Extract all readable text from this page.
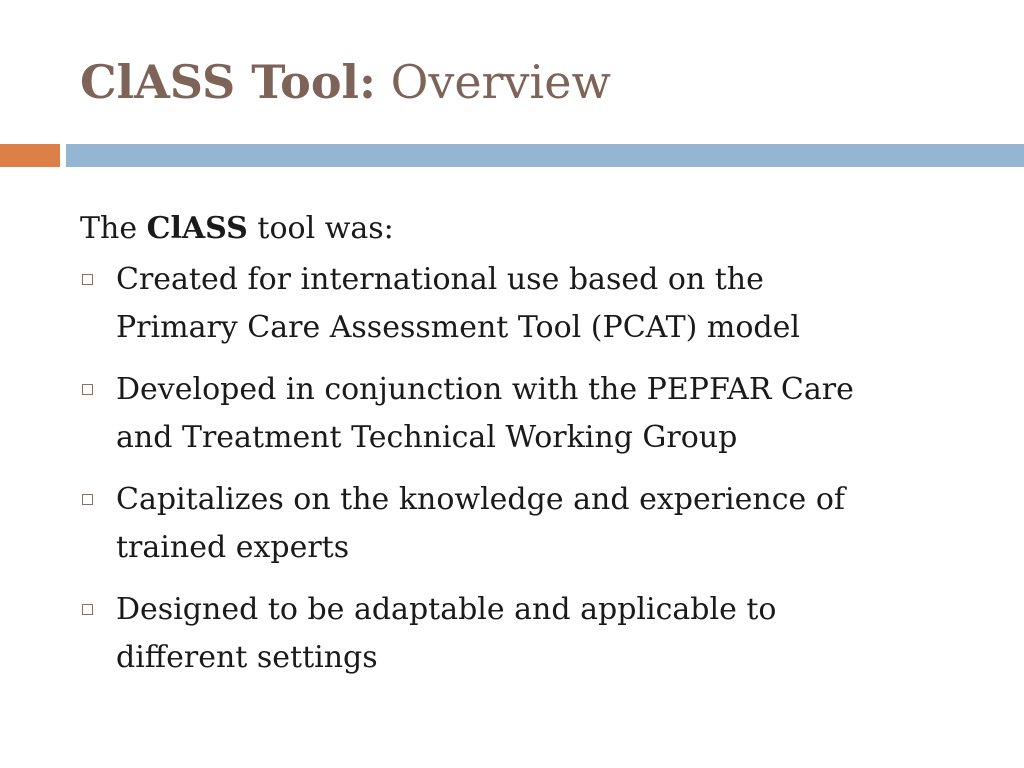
ClASS Tool: Overview
The ClASS tool was:
Created for international use based on the
Primary Care Assessment Tool (PCAT) model
Developed in conjunction with the PEPFAR Care
and Treatment Technical Working Group
Capitalizes on the knowledge and experience of
trained experts
Designed to be adaptable and applicable to
different settings
